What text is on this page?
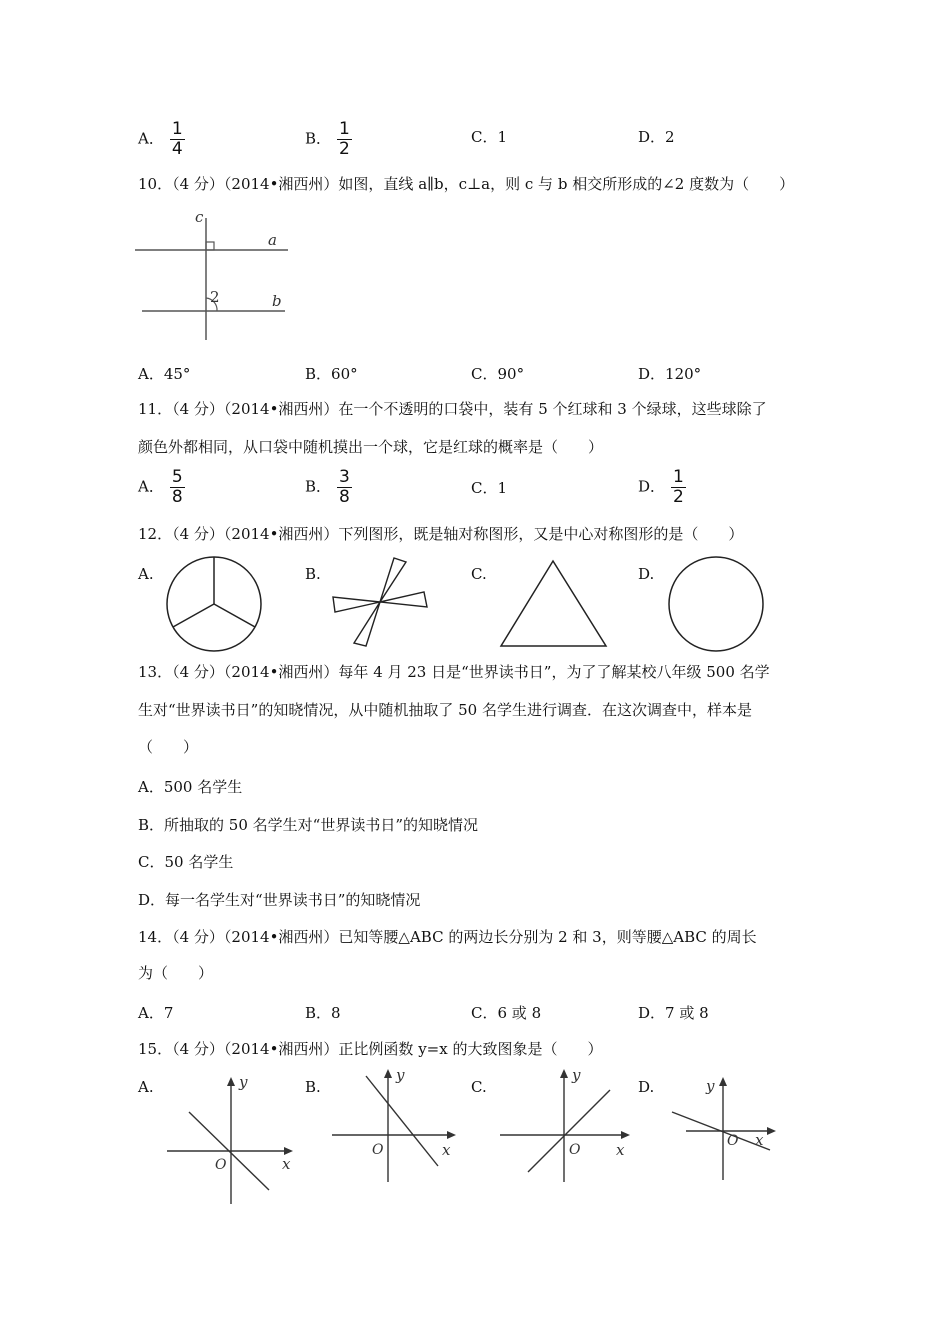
A． $\frac{1}{4}$	B． $\frac{1}{2}$	C．1	D．2
10．（4 分）（2014•湘西州）如图，直线 a∥b，c⊥a，则 c 与 b 相交所形成的∠2 度数为（　　）
c
a
b
2
A．45°	B．60°	C．90°	D．120°
11．（4 分）（2014•湘西州）在一个不透明的口袋中，装有 5 个红球和 3 个绿球，这些球除了
颜色外都相同，从口袋中随机摸出一个球，它是红球的概率是（　　）
A． $\frac{5}{8}$	B． $\frac{3}{8}$	C．1	D． $\frac{1}{2}$
12．（4 分）（2014•湘西州）下列图形，既是轴对称图形，又是中心对称图形的是（　　）
A.	B.	C.	D.
13．（4 分）（2014•湘西州）每年 4 月 23 日是“世界读书日”，为了了解某校八年级 500 名学
生对“世界读书日”的知晓情况，从中随机抽取了 50 名学生进行调查．在这次调查中，样本是
（　　）
A．500 名学生
B．所抽取的 50 名学生对“世界读书日”的知晓情况
C．50 名学生
D．每一名学生对“世界读书日”的知晓情况
14．（4 分）（2014•湘西州）已知等腰△ABC 的两边长分别为 2 和 3，则等腰△ABC 的周长
为（　　）
A．7	B．8	C．6 或 8	D．7 或 8
15．（4 分）（2014•湘西州）正比例函数 y=x 的大致图象是（　　）
A.	y
x
O
B.
y
x
O
C.
y
x
O
D.	y
x
O
